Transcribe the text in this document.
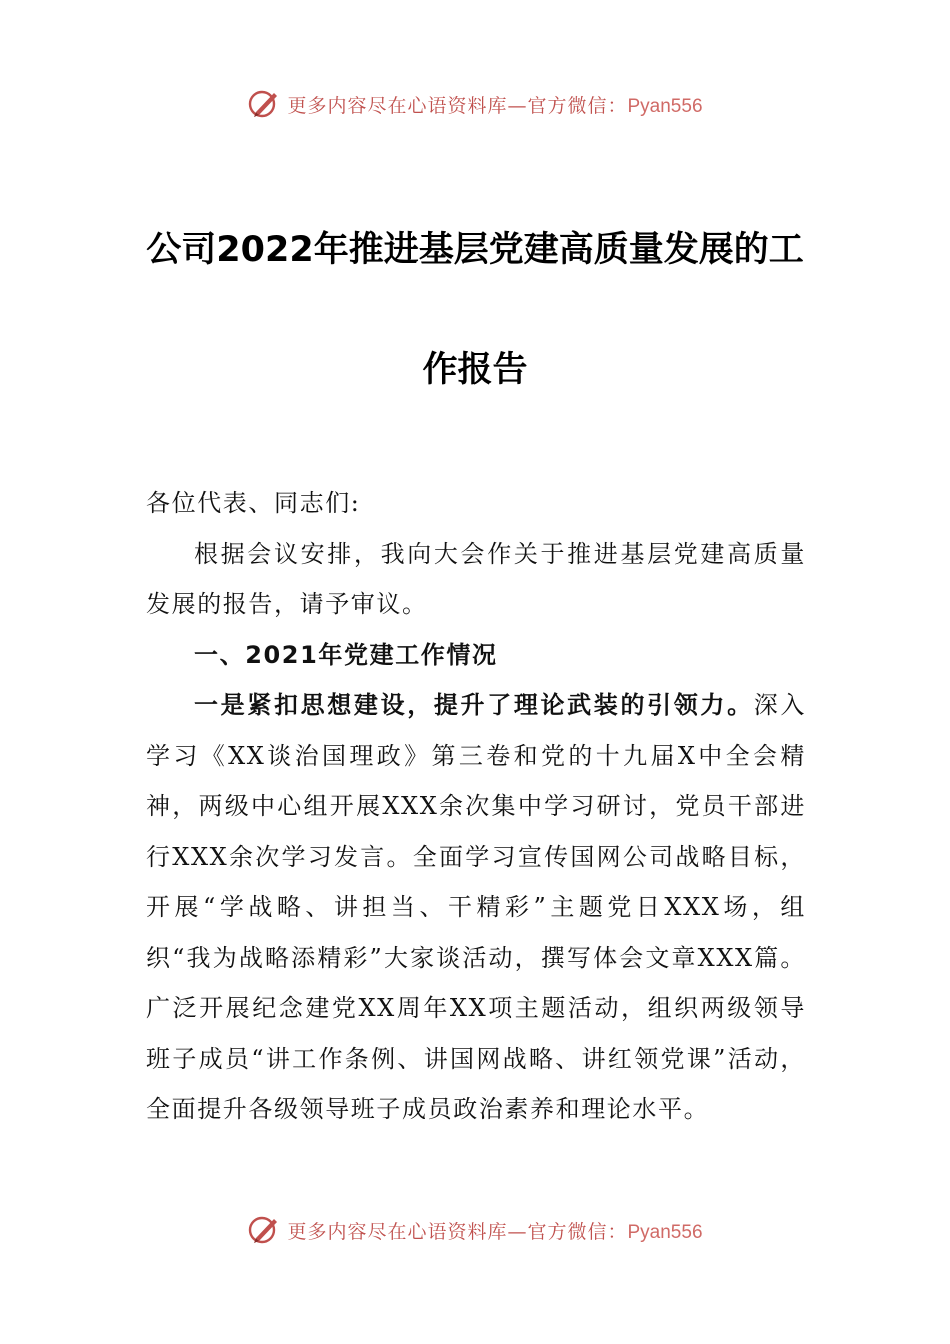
更多内容尽在心语资料库—官方微信：Pyan556
公司2022年推进基层党建高质量发展的工
作报告

各位代表、同志们:

根据会议安排，我向大会作关于推进基层党建高质量发展的报告，请予审议。

一、2021年党建工作情况

一是紧扣思想建设，提升了理论武装的引领力。深入学习《XX谈治国理政》第三卷和党的十九届X中全会精神，两级中心组开展XXX余次集中学习研讨，党员干部进行XXX余次学习发言。全面学习宣传国网公司战略目标，开展“学战略、讲担当、干精彩”主题党日XXX场，组织“我为战略添精彩”大家谈活动，撰写体会文章XXX篇。广泛开展纪念建党XX周年XX项主题活动，组织两级领导班子成员“讲工作条例、讲国网战略、讲红领党课”活动，全面提升各级领导班子成员政治素养和理论水平。

更多内容尽在心语资料库—官方微信：Pyan556
